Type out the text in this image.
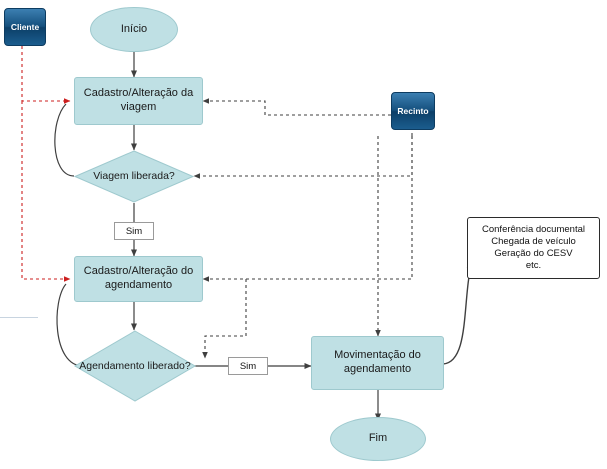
Cliente
Recinto
Início
Cadastro/Alteração da viagem
Viagem liberada?
Sim
Cadastro/Alteração do agendamento
Agendamento liberado?	Sim
Movimentação do agendamento
Fim
Conferência documental
Chegada de veículo
Geração do CESV
etc.
